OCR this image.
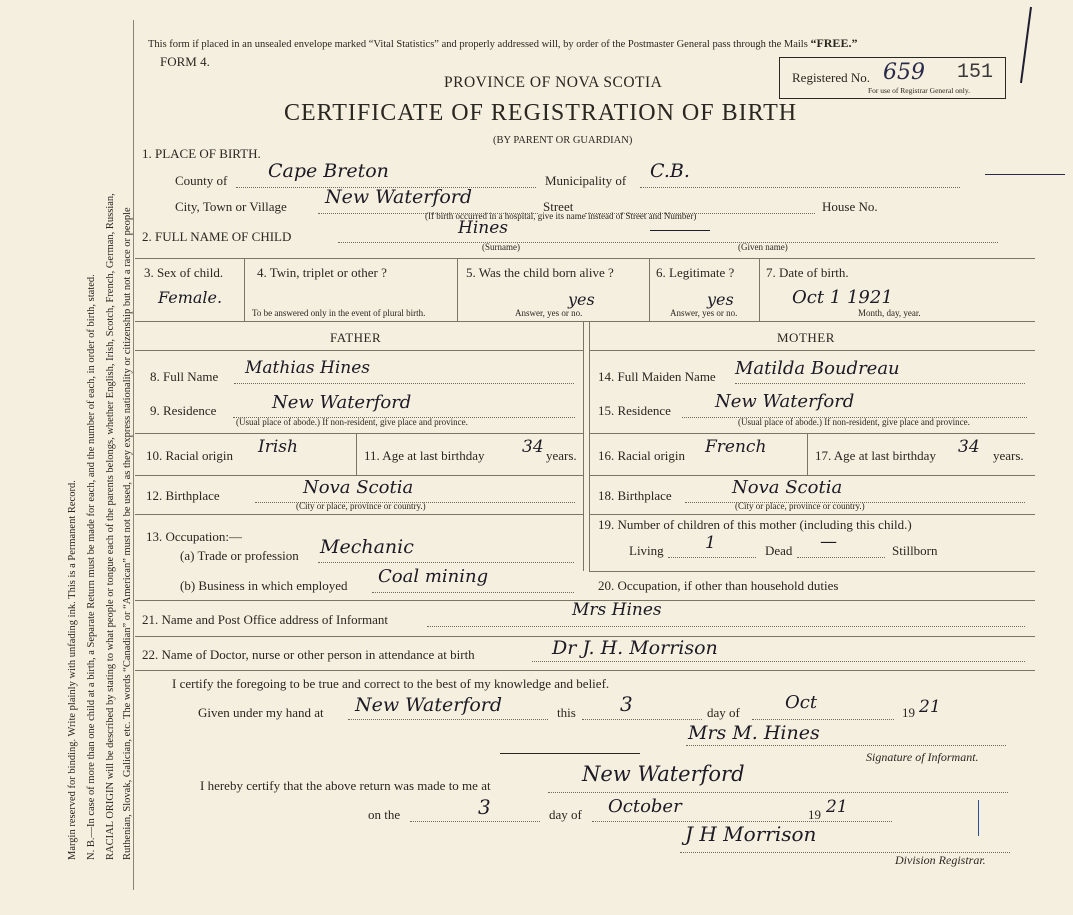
Margin reserved for binding. Write plainly with unfading ink. This is a Permanent Record. N. B.—In case of more than one child at a birth, a Separate Return must be made for each, and the number of each, in order of birth, stated. RACIAL ORIGIN will be described by stating to what people or tongue each of the parents belongs, whether English, Irish, Scotch, French, German, Russian, Ruthenian, Slovak, Galician, etc. The words “Canadian” or “American” must not be used, as they express nationality or citizenship but not a race or people
This form if placed in an unsealed envelope marked “Vital Statistics” and properly addressed will, by order of the Postmaster General pass through the Mails “FREE.”
FORM 4.
PROVINCE OF NOVA SCOTIA
CERTIFICATE OF REGISTRATION OF BIRTH
(BY PARENT OR GUARDIAN)
Registered No. 659 151
For use of Registrar General only.
1. PLACE OF BIRTH.
County of Cape Breton	Municipality of C.B.
City, Town or Village New Waterford	Street	House No.
(If birth occurred in a hospital, give its name instead of Street and Number)
2. FULL NAME OF CHILD	Hines
(Surname)	(Given name)
3. Sex of child.
Female.
4. Twin, triplet or other ?
To be answered only in the event of plural birth.
5. Was the child born alive ?
yes
Answer, yes or no.
6. Legitimate ?
yes
Answer, yes or no.
7. Date of birth.
Oct 1 1921
Month, day, year.
FATHER	MOTHER
8. Full Name Mathias Hines
9. Residence	New Waterford
(Usual place of abode.) If non-resident, give place and province.
10. Racial origin Irish	11. Age at last birthday 34 years.
12. Birthplace	Nova Scotia
(City or place, province or country.)
13. Occupation:—
(a) Trade or profession Mechanic
(b) Business in which employed Coal mining
14. Full Maiden Name Matilda Boudreau
15. Residence New Waterford
(Usual place of abode.) If non-resident, give place and province.
16. Racial origin French	17. Age at last birthday 34 years.
18. Birthplace	Nova Scotia
(City or place, province or country.)
19. Number of children of this mother (including this child.)
Living 1	Dead —	Stillborn
20. Occupation, if other than household duties
21. Name and Post Office address of Informant	Mrs Hines
22. Name of Doctor, nurse or other person in attendance at birth	Dr J. H. Morrison
I certify the foregoing to be true and correct to the best of my knowledge and belief.
Given under my hand at New Waterford	this 3	day of	Oct	19 21
Mrs M. Hines
Signature of Informant.
I hereby certify that the above return was made to me at	New Waterford
on the	3	day of October	19 21
J H Morrison
Division Registrar.
